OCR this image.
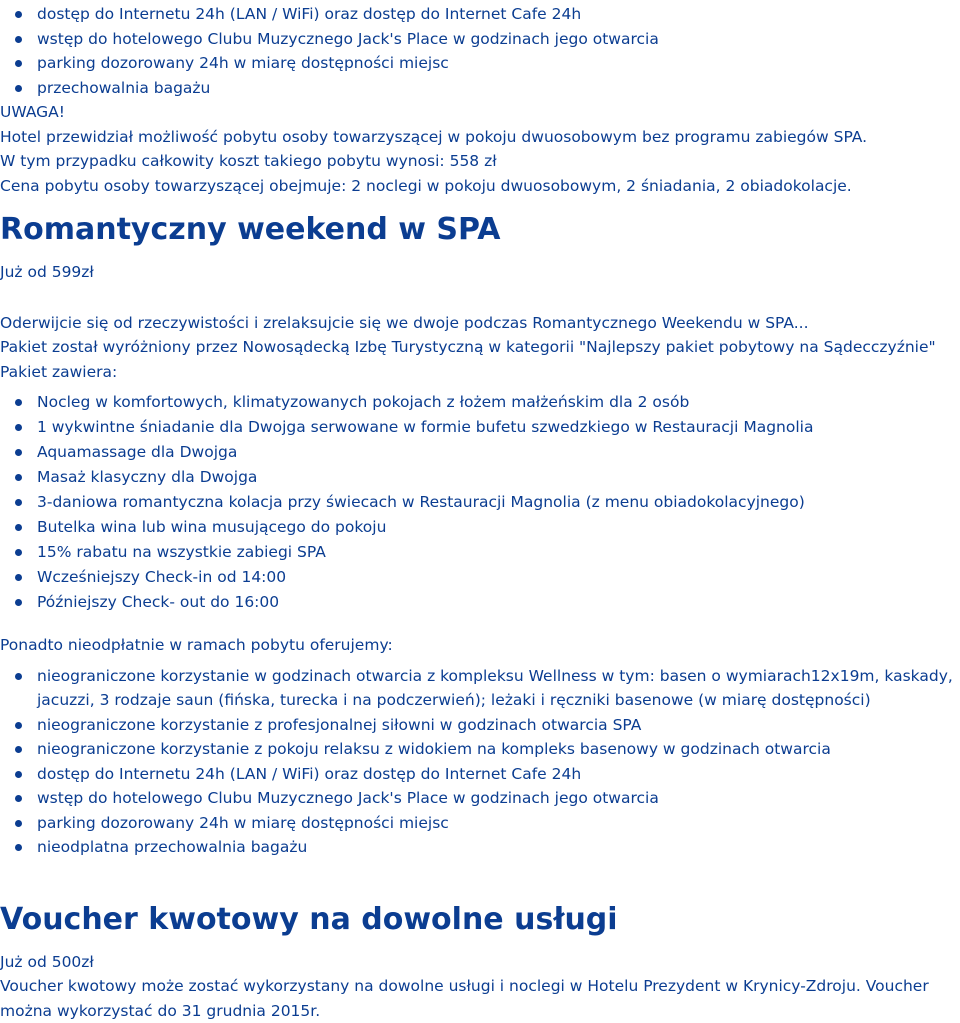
dostęp do Internetu 24h (LAN / WiFi) oraz dostęp do Internet Cafe 24h
wstęp do hotelowego Clubu Muzycznego Jack's Place w godzinach jego otwarcia
parking dozorowany 24h w miarę dostępności miejsc
przechowalnia bagażu

UWAGA!

Hotel przewidział możliwość pobytu osoby towarzyszącej w pokoju dwuosobowym bez programu zabiegów SPA.

W tym przypadku całkowity koszt takiego pobytu wynosi: 558 zł

Cena pobytu osoby towarzyszącej obejmuje: 2 noclegi w pokoju dwuosobowym, 2 śniadania, 2 obiadokolacje.

Romantyczny weekend w SPA

Już od 599zł

Oderwijcie się od rzeczywistości i zrelaksujcie się we dwoje podczas Romantycznego Weekendu w SPA...

Pakiet został wyróżniony przez Nowosądecką Izbę Turystyczną w kategorii "Najlepszy pakiet pobytowy na Sądecczyźnie"

Pakiet zawiera:

Nocleg w komfortowych, klimatyzowanych pokojach z łożem małżeńskim dla 2 osób
1 wykwintne śniadanie dla Dwojga serwowane w formie bufetu szwedzkiego w Restauracji Magnolia
Aquamassage dla Dwojga
Masaż klasyczny dla Dwojga
3-daniowa romantyczna kolacja przy świecach w Restauracji Magnolia (z menu obiadokolacyjnego)
Butelka wina lub wina musującego do pokoju
15% rabatu na wszystkie zabiegi SPA
Wcześniejszy Check-in od 14:00
Późniejszy Check- out do 16:00

Ponadto nieodpłatnie w ramach pobytu oferujemy:

nieograniczone korzystanie w godzinach otwarcia z kompleksu Wellness w tym: basen o wymiarach12x19m, kaskady, jacuzzi, 3 rodzaje saun (fińska, turecka i na podczerwień); leżaki i ręczniki basenowe (w miarę dostępności)
nieograniczone korzystanie z profesjonalnej siłowni w godzinach otwarcia SPA
nieograniczone korzystanie z pokoju relaksu z widokiem na kompleks basenowy w godzinach otwarcia
dostęp do Internetu 24h (LAN / WiFi) oraz dostęp do Internet Cafe 24h
wstęp do hotelowego Clubu Muzycznego Jack's Place w godzinach jego otwarcia
parking dozorowany 24h w miarę dostępności miejsc
nieodplatna przechowalnia bagażu
Voucher kwotowy na dowolne usługi

Już od 500zł

Voucher kwotowy może zostać wykorzystany na dowolne usługi i noclegi w Hotelu Prezydent w Krynicy-Zdroju. Voucher można wykorzystać do 31 grudnia 2015r.
